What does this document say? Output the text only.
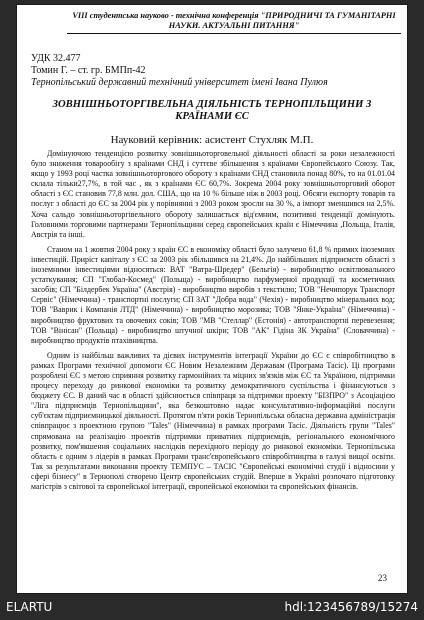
VIII студентська науково - технічна конференція "ПРИРОДНИЧІ ТА ГУМАНІТАРНІ НАУКИ. АКТУАЛЬНІ ПИТАННЯ"
УДК 32.477
Томин Г. – ст. гр. БМПп-42
Тернопільський державний технічний університет імені Івана Пулюя
ЗОВНІШНЬОТОРГІВЕЛЬНА ДІЯЛЬНІСТЬ ТЕРНОПІЛЬЩИНИ З КРАЇНАМИ ЄС
Науковий керівник: асистент Стухляк М.П.

Домінуючою тенденцією розвитку зовнішньоторговельної діяльності області за роки незалежності було зниження товарообігу з країнами СНД і суттєве збільшення з країнами Європейського Союзу. Так, якщо у 1993 році частка зовнішньоторгового обороту з країнами СНД становила понад 80%, то на 01.01.04 склала тільки27,7%, в той час , як з країнами ЄС 60,7%. Зокрема 2004 року зовнішньоторговий оборот області з ЄС становив 77,8 млн. дол. США, що на 10 % більше ніж в 2003 році. Обсяги експорту товарів та послуг з області до ЄС за 2004 рік у порівнянні з 2003 роком зросли на 30 %, а імпорт зменшився на 2,5%. Хоча сальдо зовнішньоторгівельного обороту залишається від'ємним, позитивні тенденції домінують. Головними торговими партнерами Тернопільщини серед європейських країн є Німеччина ,Польща, Італія, Австрія та інші.

Станом на 1 жовтня 2004 року з країн ЄС в економіку області було залучено 61,8 % прямих іноземних інвестицій. Приріст капіталу з ЄС за 2003 рік збільшився на 21,4%. До найбільших підприємств області з іноземними інвестиціями відносяться: ВАТ "Ватра-Шредер" (Бельгія) - виробництво освітлювального устаткування; СП "Глобал-Космед" (Польща) - виробництво парфумерної продукції та косметичних засобів; СП "Білдербек Україна" (Австрія) - виробництво виробів з текстилю; ТОВ "Нечипорук Транспорт Сервіс" (Німеччина) - транспортні послуги; СП ЗАТ "Добра вода" (Чехія) - виробництво мінеральних вод; ТОВ "Ваврик і Компанія ЛТД" (Німеччина) - виробництво морозива; ТОВ "Янке-Україна" (Німеччина) - виробництво фруктових та овочевих соків; ТОВ "МВ "Стеллар" (Естонія) - автотранспортні перевезення; ТОВ "Вінісан" (Польща) - виробництво штучної шкіри; ТОВ "АК" Гідіна ЗК Україна" (Словаччина) - виробництво продуктів птахівництва.

Одним із найбільш важливих та дієвих інструментів інтеграції України до ЄС є співробітництво в рамках Програми технічної допомоги ЄС Новим Незалежним Державам (Програма Тасіс). Ці програми розроблені ЄС з метою сприяння розвитку гармонійних та міцних зв'язків між ЄС та Україною, підтримки процесу переходу до ринкової економіки та розвитку демократичного суспільства і фінансуються з бюджету ЄС. В даний час в області здійснюється співпраця за підтримки проекту "БІЗПРО" з Асоціацією "Ліга підприємців Тернопільщини", яка безкоштовно надає консультативно-інформаційні послуги суб'єктам підприємницької діяльності. Протягом п'яти років Тернопільська обласна державна адміністрація співпрацює з проектною групою "Tales" (Німеччина) в рамках програми Тасіс. Діяльність групи "Tales" спрямована на реалізацію проектів підтримки приватних підприємців, регіонального економічного розвитку, пом'якшення соціальних наслідків перехідного періоду до ринкової економіки. Тернопільська область є одним з лідерів в рамках Програми транс'європейського співробітництва в галузі вищої освіти. Так за результатами виконання проекту ТЕМПУС – ТАСІС "Європейські економічні студії і відносини у сфері бізнесу" в Тернополі створено Центр європейських студій. Вперше в Україні розпочато підготовку магістрів з світової та європейської інтеграції, європейської економіки та європейських фінансів.

23
ELARTU	hdl:123456789/15274
